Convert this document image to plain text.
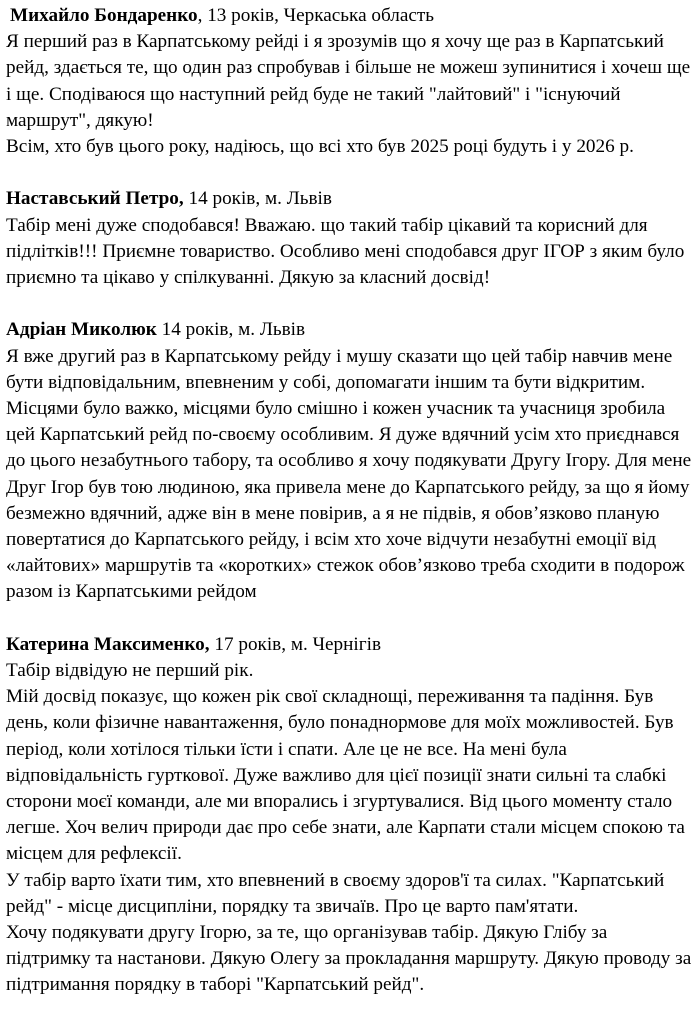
Михайло Бондаренко, 13 років, Черкаська область

Я перший раз в Карпатському рейді і я зрозумів що я хочу ще раз в Карпатський рейд, здається те, що один раз спробував і більше не можеш зупинитися і хочеш ще і ще. Сподіваюся що наступний рейд буде не такий "лайтовий" і "існуючий маршрут", дякую!

Всім, хто був цього року, надіюсь, що всі хто був 2025 році будуть і у 2026 р.

Наставський Петро, 14 років, м. Львів

Табір мені дуже сподобався! Вважаю. що такий табір цікавий та корисний для підлітків!!! Приємне товариство. Особливо мені сподобався друг ІГОР з яким було приємно та цікаво у спілкуванні. Дякую за класний досвід!

Адріан Миколюк 14 років, м. Львів

Я вже другий раз в Карпатському рейду і мушу сказати що цей табір навчив мене бути відповідальним, впевненим у собі, допомагати іншим та бути відкритим. Місцями було важко, місцями було смішно і кожен учасник та учасниця зробила цей Карпатський рейд по-своєму особливим. Я дуже вдячний усім хто приєднався до цього незабутнього табору, та особливо я хочу подякувати Другу Ігору. Для мене Друг Ігор був тою людиною, яка привела мене до Карпатського рейду, за що я йому безмежно вдячний, адже він в мене повірив, а я не підвів, я обов’язково планую повертатися до Карпатського рейду, і всім хто хоче відчути незабутні емоції від «лайтових» маршрутів та «коротких» стежок обов’язково треба сходити в подорож разом із Карпатськими рейдом

Катерина Максименко, 17 років, м. Чернігів

Табір відвідую не перший рік.

Мій досвід показує, що кожен рік свої складнощі, переживання та падіння. Був день, коли фізичне навантаження, було понаднормове для моїх можливостей. Був період, коли хотілося тільки їсти і спати. Але це не все. На мені була відповідальність гурткової. Дуже важливо для цієї позиції знати сильні та слабкі сторони моєї команди, але ми впорались і згуртувалися. Від цього моменту стало легше. Хоч велич природи дає про себе знати, але Карпати стали місцем спокою та місцем для рефлексії.

У табір варто їхати тим, хто впевнений в своєму здоров'ї та силах. "Карпатський рейд" - місце дисципліни, порядку та звичаїв. Про це варто пам'ятати.

Хочу подякувати другу Ігорю, за те, що організував табір. Дякую Глібу за підтримку та настанови. Дякую Олегу за прокладання маршруту. Дякую проводу за підтримання порядку в таборі "Карпатський рейд".
